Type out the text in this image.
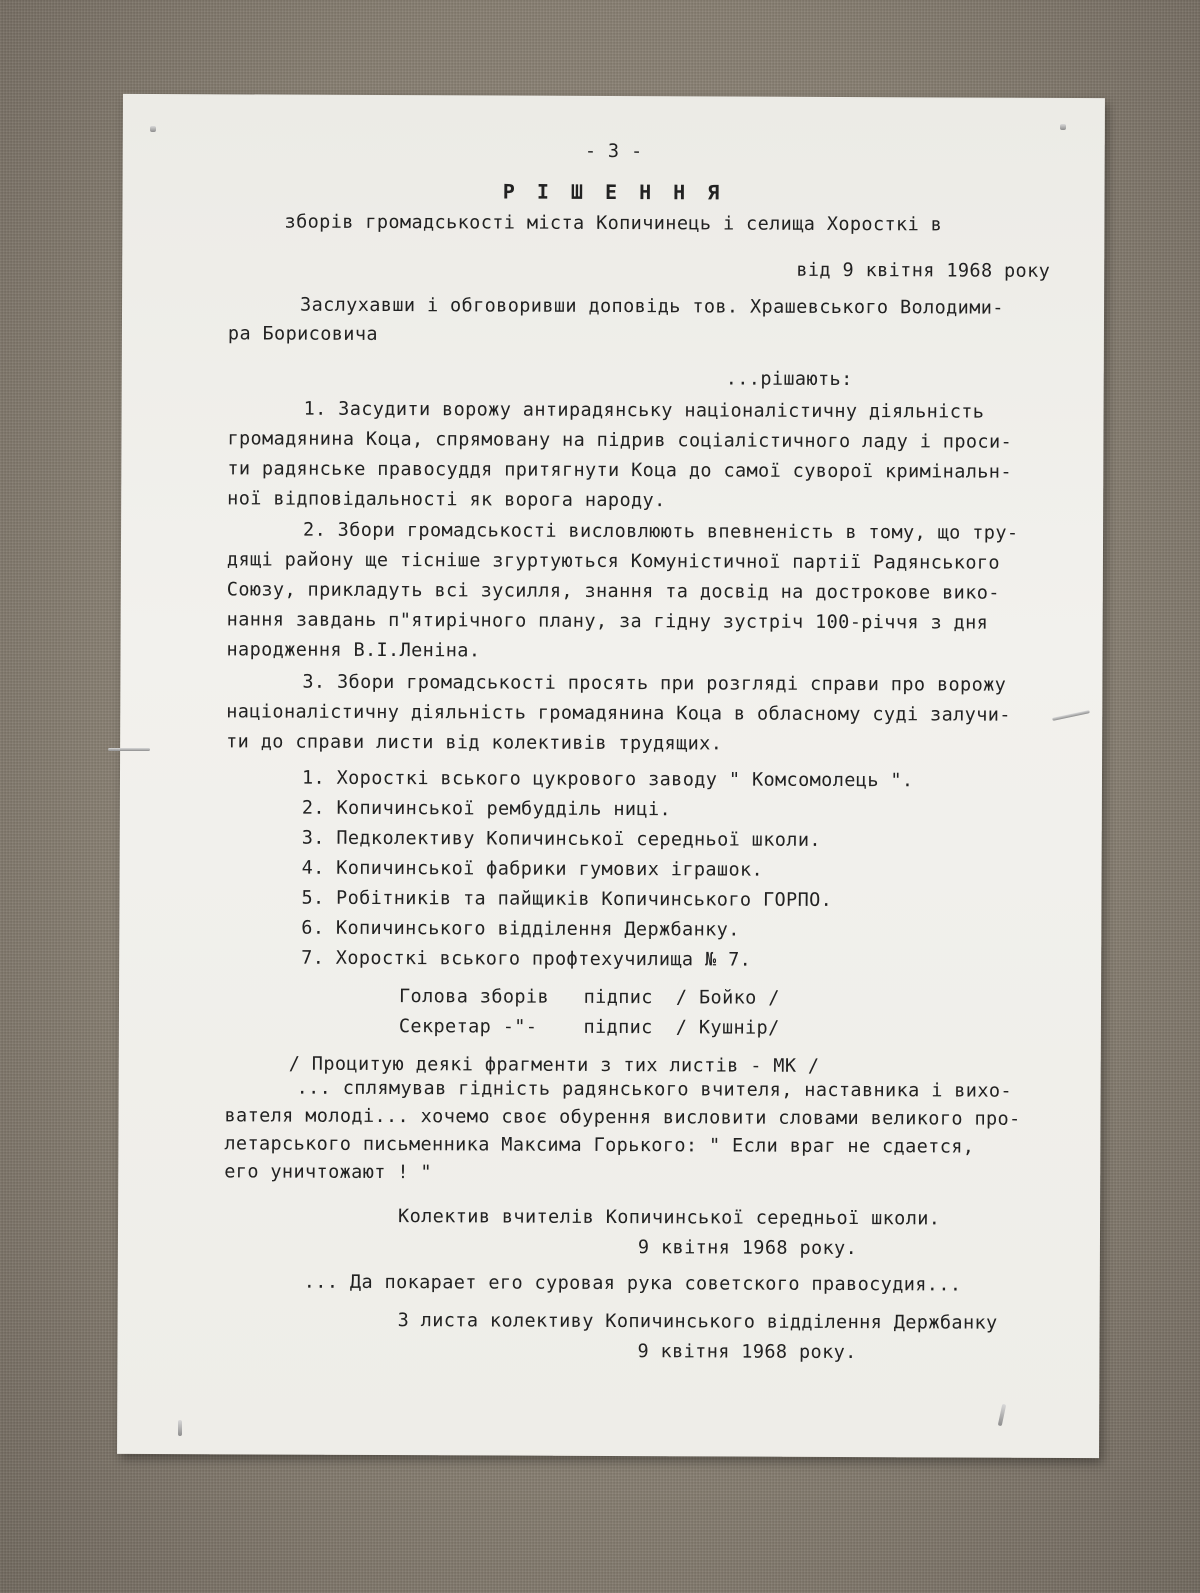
- 3 -
Р І Ш Е Н Н Я
зборів громадськості міста Копичинець і селища Хоросткі в
від 9 квітня 1968 року
Заслухавши і обговоривши доповідь тов. Храшевського Володими-
ра Борисовича
...рішають:
1. Засудити ворожу антирадянську націоналістичну діяльність
громадянина Коца, спрямовану на підрив соціалістичного ладу і проси-
ти радянське правосуддя притягнути Коца до самої суворої кримінальн-
ної відповідальності як ворога народу.
2. Збори громадськості висловлюють впевненість в тому, що тру-
дящі району ще тісніше згуртуються Комуністичної партії Радянського
Союзу, прикладуть всі зусилля, знання та досвід на дострокове вико-
нання завдань п"ятирічного плану, за гідну зустріч 100-річчя з дня
народження В.І.Леніна.
3. Збори громадськості просять при розгляді справи про ворожу
націоналістичну діяльність громадянина Коца в обласному суді залучи-
ти до справи листи від колективів трудящих.
1. Хоросткі вського цукрового заводу " Комсомолець ".
2. Копичинської рембудділь ниці.
3. Педколективу Копичинської середньої школи.
4. Копичинської фабрики гумових іграшок.
5. Робітників та пайщиків Копичинського ГОРПО.
6. Копичинського відділення Держбанку.
7. Хоросткі вського профтехучилища № 7.
Голова зборів   підпис  / Бойко /
Секретар -"-    підпис  / Кушнір/
/ Процитую деякі фрагменти з тих листів - МК /
... сплямував гідність радянського вчителя, наставника і вихо-
вателя молоді... хочемо своє обурення висловити словами великого про-
летарського письменника Максима Горького: " Если враг не сдается,
его уничтожают ! "
Колектив вчителів Копичинської середньої школи.
9 квітня 1968 року.
... Да покарает его суровая рука советского правосудия...
З листа колективу Копичинського відділення Держбанку
9 квітня 1968 року.
